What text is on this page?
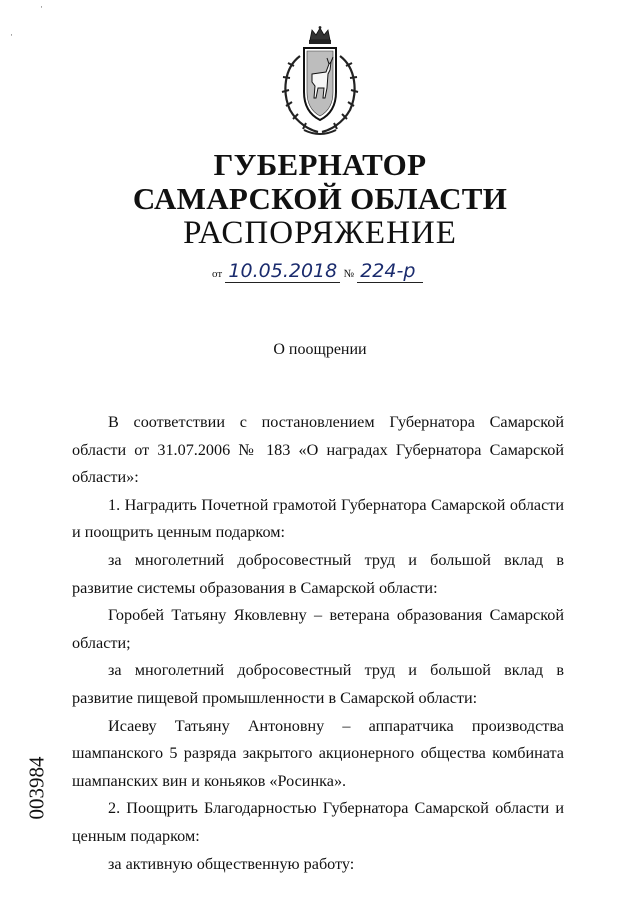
·
·
ГУБЕРНАТОР
САМАРСКОЙ ОБЛАСТИ
РАСПОРЯЖЕНИЕ
от 10.05.2018 № 224-р
О поощрении

В соответствии с постановлением Губернатора Самарской области от 31.07.2006 № 183 «О наградах Губернатора Самарской области»:

1. Наградить Почетной грамотой Губернатора Самарской области и поощрить ценным подарком:

за многолетний добросовестный труд и большой вклад в развитие системы образования в Самарской области:

Горобей Татьяну Яковлевну – ветерана образования Самарской области;

за многолетний добросовестный труд и большой вклад в развитие пищевой промышленности в Самарской области:

Исаеву Татьяну Антоновну – аппаратчика производства шампанского 5 разряда закрытого акционерного общества комбината шампанских вин и коньяков «Росинка».

2. Поощрить Благодарностью Губернатора Самарской области и ценным подарком:

за активную общественную работу:

003984
